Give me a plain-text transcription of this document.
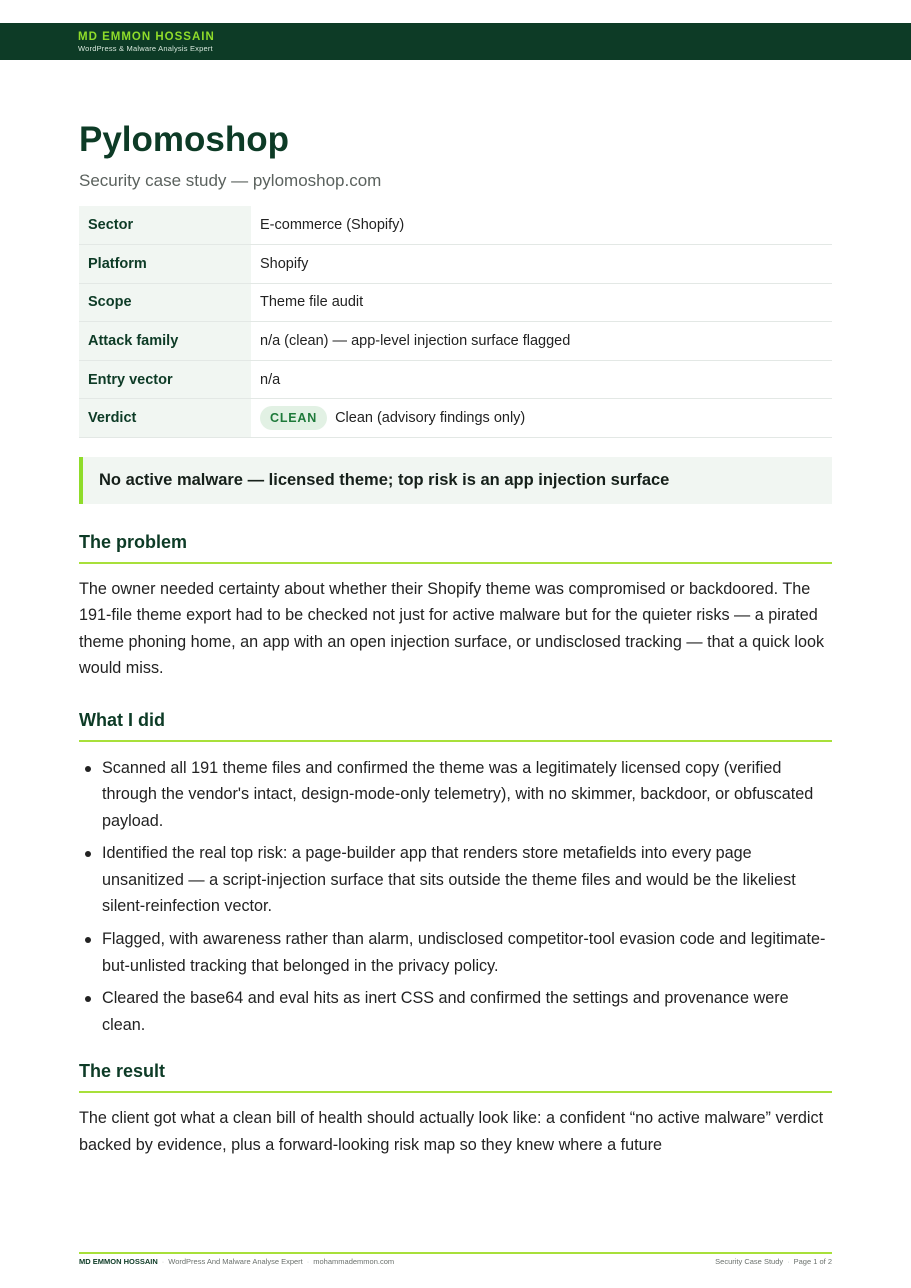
MD EMMON HOSSAIN
WordPress & Malware Analysis Expert
Pylomoshop
Security case study — pylomoshop.com
Sector	E-commerce (Shopify)
Platform	Shopify
Scope	Theme file audit
Attack family	n/a (clean) — app-level injection surface flagged
Entry vector	n/a
Verdict	CLEAN Clean (advisory findings only)
No active malware — licensed theme; top risk is an app injection surface
The problem

The owner needed certainty about whether their Shopify theme was compromised or backdoored. The 191-file theme export had to be checked not just for active malware but for the quieter risks — a pirated theme phoning home, an app with an open injection surface, or undisclosed tracking — that a quick look would miss.

What I did
Scanned all 191 theme files and confirmed the theme was a legitimately licensed copy (verified through the vendor's intact, design-mode-only telemetry), with no skimmer, backdoor, or obfuscated payload.
Identified the real top risk: a page-builder app that renders store metafields into every page unsanitized — a script-injection surface that sits outside the theme files and would be the likeliest silent-reinfection vector.
Flagged, with awareness rather than alarm, undisclosed competitor-tool evasion code and legitimate-but-unlisted tracking that belonged in the privacy policy.
Cleared the base64 and eval hits as inert CSS and confirmed the settings and provenance were clean.
The result

The client got what a clean bill of health should actually look like: a confident “no active malware” verdict backed by evidence, plus a forward-looking risk map so they knew where a future

MD EMMON HOSSAIN · WordPress And Malware Analyse Expert · mohammademmon.com	Security Case Study · Page 1 of 2
